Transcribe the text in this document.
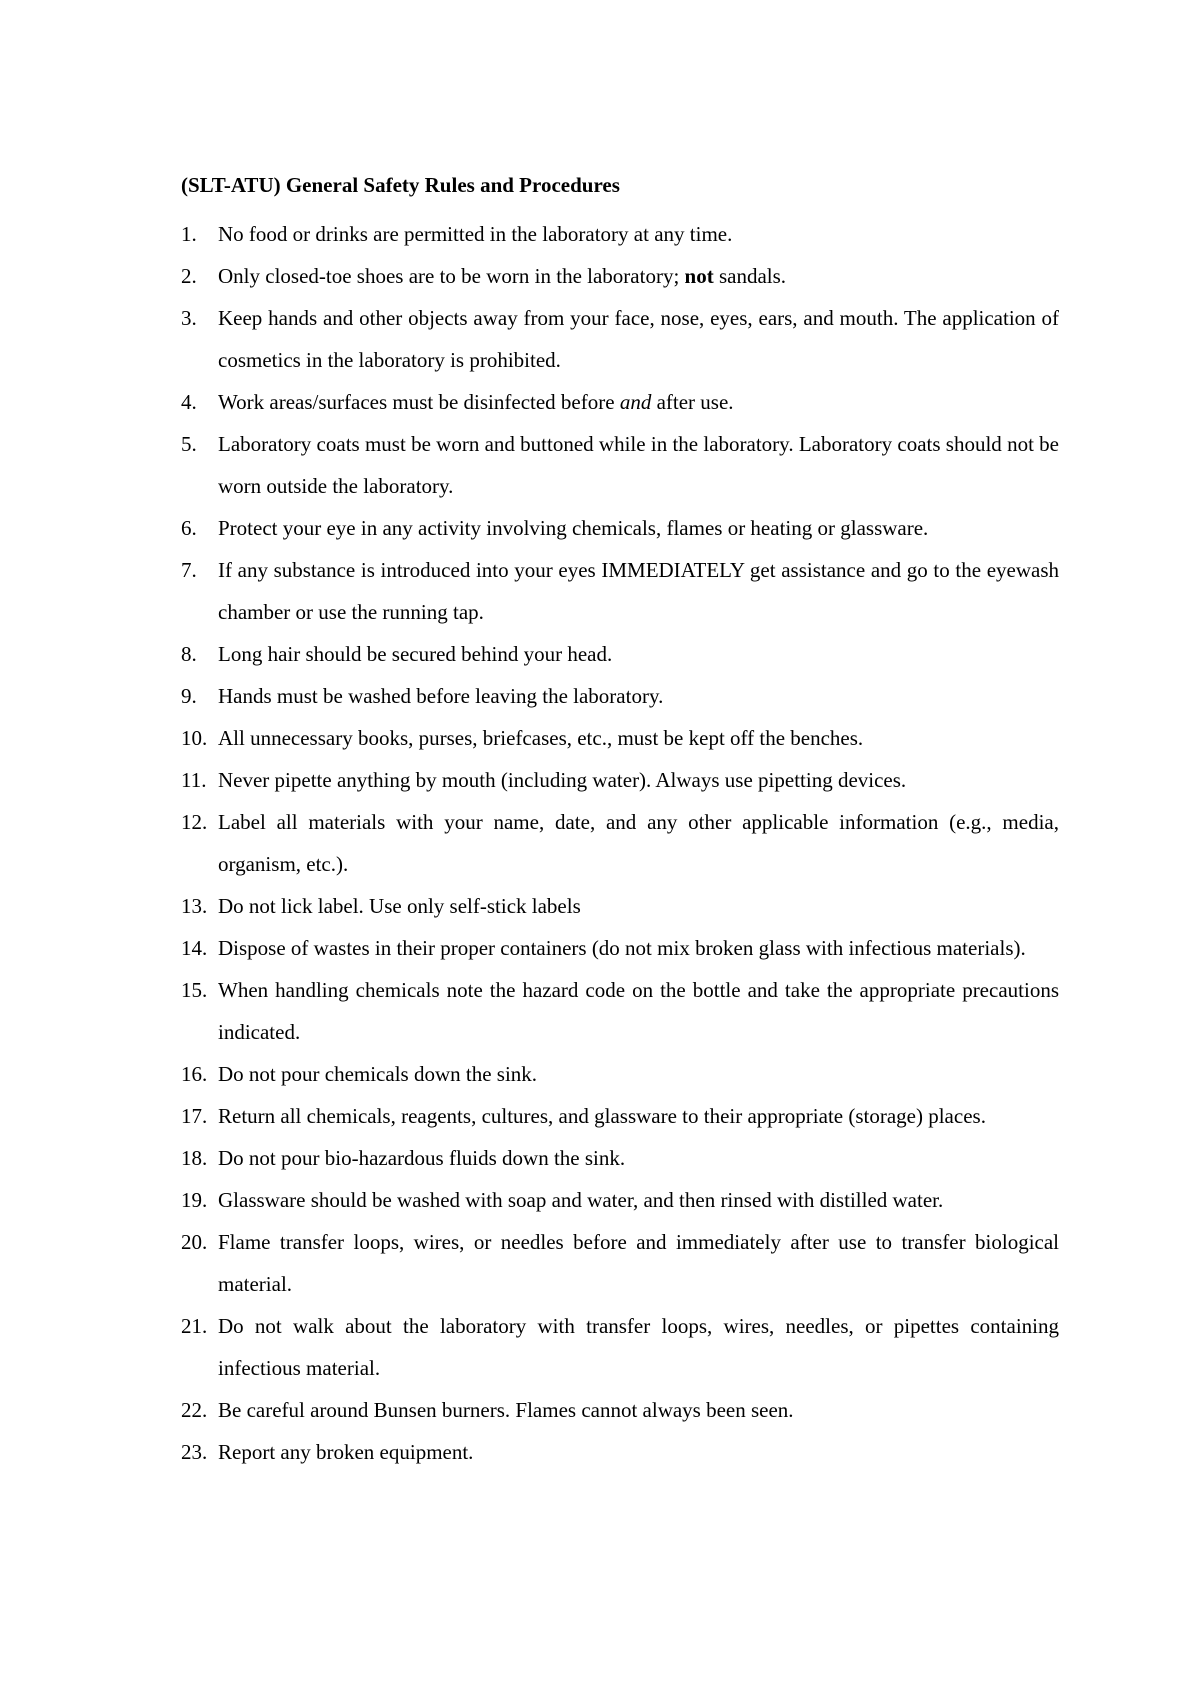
(SLT-ATU) General Safety Rules and Procedures
1. No food or drinks are permitted in the laboratory at any time.
2. Only closed-toe shoes are to be worn in the laboratory; not sandals.
3. Keep hands and other objects away from your face, nose, eyes, ears, and mouth. The application of cosmetics in the laboratory is prohibited.
4. Work areas/surfaces must be disinfected before and after use.
5. Laboratory coats must be worn and buttoned while in the laboratory. Laboratory coats should not be worn outside the laboratory.
6. Protect your eye in any activity involving chemicals, flames or heating or glassware.
7. If any substance is introduced into your eyes IMMEDIATELY get assistance and go to the eyewash chamber or use the running tap.
8. Long hair should be secured behind your head.
9. Hands must be washed before leaving the laboratory.
10. All unnecessary books, purses, briefcases, etc., must be kept off the benches.
11. Never pipette anything by mouth (including water). Always use pipetting devices.
12. Label all materials with your name, date, and any other applicable information (e.g., media, organism, etc.).
13. Do not lick label. Use only self-stick labels
14. Dispose of wastes in their proper containers (do not mix broken glass with infectious materials).
15. When handling chemicals note the hazard code on the bottle and take the appropriate precautions indicated.
16. Do not pour chemicals down the sink.
17. Return all chemicals, reagents, cultures, and glassware to their appropriate (storage) places.
18. Do not pour bio-hazardous fluids down the sink.
19. Glassware should be washed with soap and water, and then rinsed with distilled water.
20. Flame transfer loops, wires, or needles before and immediately after use to transfer biological material.
21. Do not walk about the laboratory with transfer loops, wires, needles, or pipettes containing infectious material.
22. Be careful around Bunsen burners. Flames cannot always been seen.
23. Report any broken equipment.
